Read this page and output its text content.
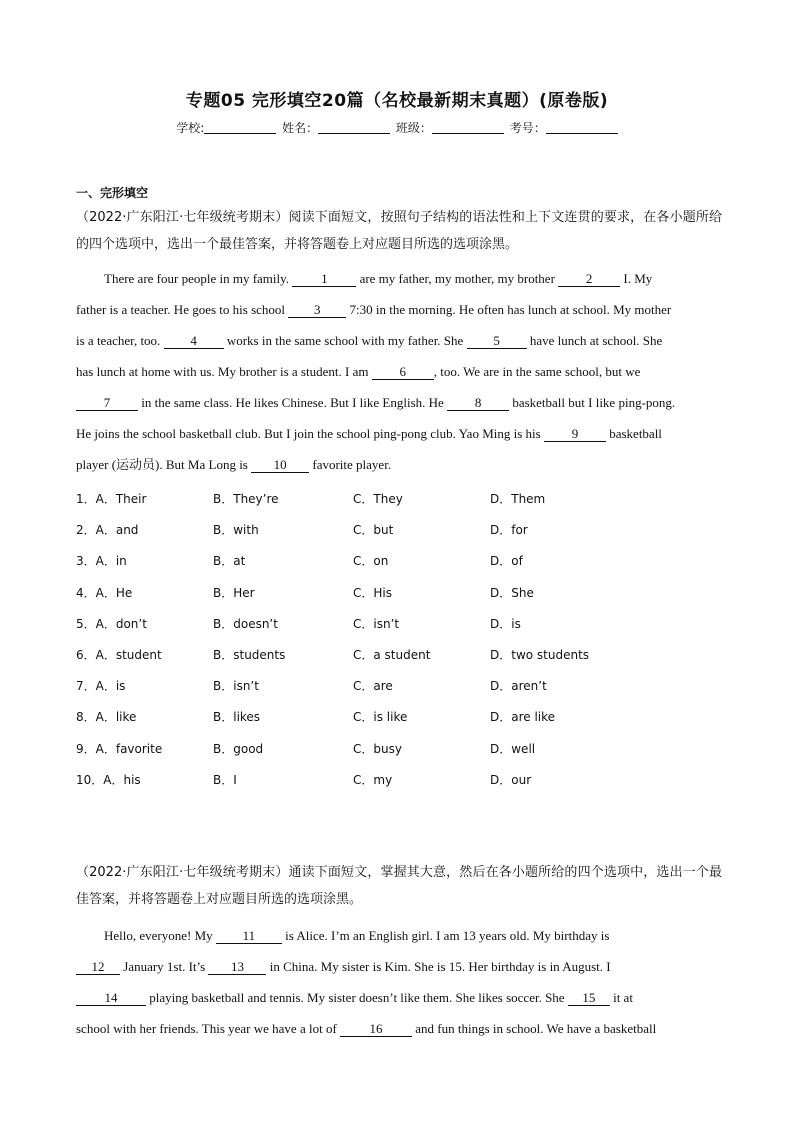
专题05 完形填空20篇（名校最新期末真题）(原卷版)
学校:	姓名：	班级：	考号：
一、完形填空
（2022·广东阳江·七年级统考期末）阅读下面短文，按照句子结构的语法性和上下文连贯的要求，在各小题所给的四个选项中，选出一个最佳答案，并将答题卷上对应题目所选的选项涂黑。
There are four people in my family. 1 are my father, my mother, my brother 2 I. My
father is a teacher. He goes to his school 3 7:30 in the morning. He often has lunch at school. My mother
is a teacher, too. 4 works in the same school with my father. She 5 have lunch at school. She
has lunch at home with us. My brother is a student. I am 6 , too. We are in the same school, but we
7 in the same class. He likes Chinese. But I like English. He 8 basketball but I like ping-pong.
He joins the school basketball club. But I join the school ping-pong club. Yao Ming is his 9 basketball
player (运动员). But Ma Long is 10 favorite player.
1．A．Their	B．They’re	C．They	D．Them
2．A．and	B．with	C．but	D．for
3．A．in	B．at	C．on	D．of
4．A．He	B．Her	C．His	D．She
5．A．don’t	B．doesn’t	C．isn’t	D．is
6．A．student	B．students	C．a student	D．two students
7．A．is	B．isn’t	C．are	D．aren’t
8．A．like	B．likes	C．is like	D．are like
9．A．favorite	B．good	C．busy	D．well
10．A．his	B．I	C．my	D．our
（2022·广东阳江·七年级统考期末）通读下面短文，掌握其大意，然后在各小题所给的四个选项中，选出一个最佳答案，并将答题卷上对应题目所选的选项涂黑。
Hello, everyone! My 11 is Alice. I’m an English girl. I am 13 years old. My birthday is
12 January 1st. It’s 13 in China. My sister is Kim. She is 15. Her birthday is in August. I
14 playing basketball and tennis. My sister doesn’t like them. She likes soccer. She 15 it at
school with her friends. This year we have a lot of 16 and fun things in school. We have a basketball
